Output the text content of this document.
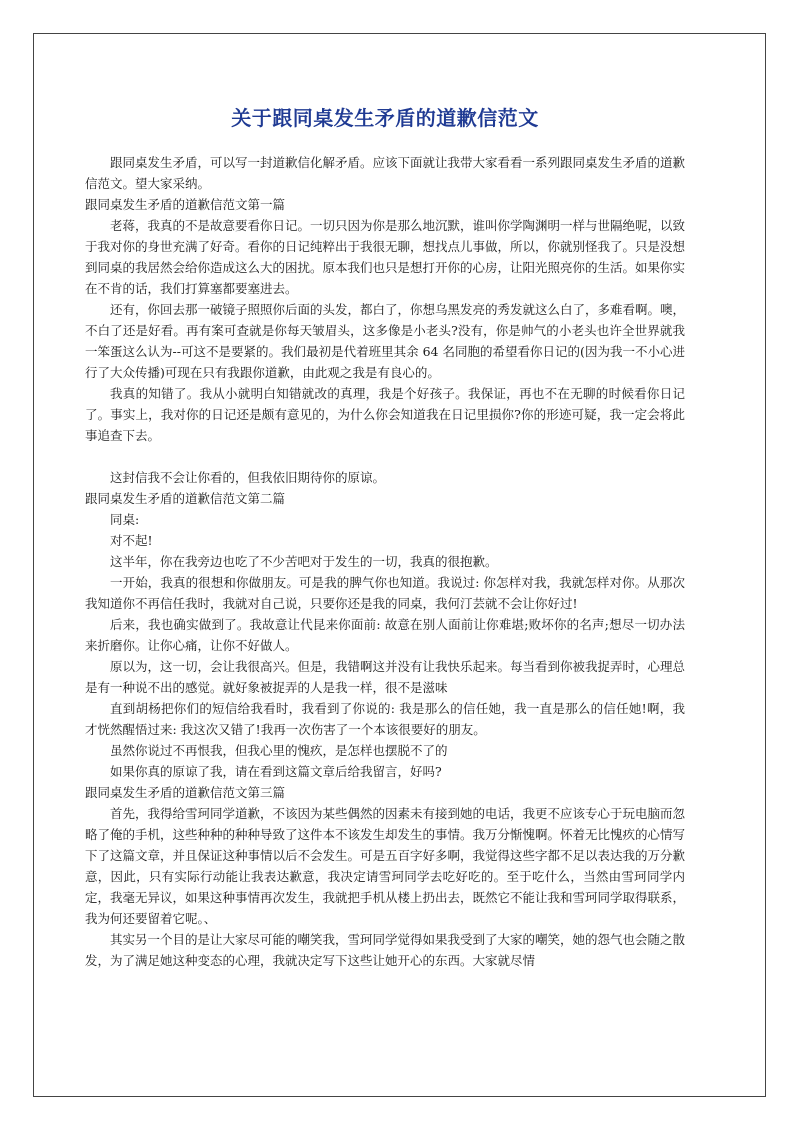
关于跟同桌发生矛盾的道歉信范文

跟同桌发生矛盾，可以写一封道歉信化解矛盾。应该下面就让我带大家看看一系列跟同桌发生矛盾的道歉信范文。望大家采纳。

跟同桌发生矛盾的道歉信范文第一篇

老蒋，我真的不是故意要看你日记。一切只因为你是那么地沉默，谁叫你学陶渊明一样与世隔绝呢，以致于我对你的身世充满了好奇。看你的日记纯粹出于我很无聊，想找点儿事做，所以，你就别怪我了。只是没想到同桌的我居然会给你造成这么大的困扰。原本我们也只是想打开你的心房，让阳光照亮你的生活。如果你实在不肯的话，我们打算塞都要塞进去。

还有，你回去那一破镜子照照你后面的头发，都白了，你想乌黑发亮的秀发就这么白了，多难看啊。噢，不白了还是好看。再有案可查就是你每天皱眉头，这多像是小老头?没有，你是帅气的小老头也许全世界就我一笨蛋这么认为--可这不是要紧的。我们最初是代着班里其余 64 名同胞的希望看你日记的(因为我一不小心进行了大众传播)可现在只有我跟你道歉，由此观之我是有良心的。

我真的知错了。我从小就明白知错就改的真理，我是个好孩子。我保证，再也不在无聊的时候看你日记了。事实上，我对你的日记还是颇有意见的，为什么你会知道我在日记里损你?你的形迹可疑，我一定会将此事追查下去。

这封信我不会让你看的，但我依旧期待你的原谅。

跟同桌发生矛盾的道歉信范文第二篇

同桌:

对不起!

这半年，你在我旁边也吃了不少苦吧对于发生的一切，我真的很抱歉。

一开始，我真的很想和你做朋友。可是我的脾气你也知道。我说过: 你怎样对我，我就怎样对你。从那次我知道你不再信任我时，我就对自己说，只要你还是我的同桌，我何汀芸就不会让你好过!

后来，我也确实做到了。我故意让代昆来你面前: 故意在别人面前让你难堪;败坏你的名声;想尽一切办法来折磨你。让你心痛，让你不好做人。

原以为，这一切，会让我很高兴。但是，我错啊这并没有让我快乐起来。每当看到你被我捉弄时，心理总是有一种说不出的感觉。就好象被捉弄的人是我一样，很不是滋味

直到胡杨把你们的短信给我看时，我看到了你说的: 我是那么的信任她，我一直是那么的信任她!啊，我才恍然醒悟过来: 我这次又错了!我再一次伤害了一个本该很要好的朋友。

虽然你说过不再恨我，但我心里的愧疚，是怎样也摆脱不了的

如果你真的原谅了我，请在看到这篇文章后给我留言，好吗?

跟同桌发生矛盾的道歉信范文第三篇

首先，我得给雪珂同学道歉，不该因为某些偶然的因素未有接到她的电话，我更不应该专心于玩电脑而忽略了俺的手机，这些种种的种种导致了这件本不该发生却发生的事情。我万分惭愧啊。怀着无比愧疚的心情写下了这篇文章，并且保证这种事情以后不会发生。可是五百字好多啊，我觉得这些字都不足以表达我的万分歉意，因此，只有实际行动能让我表达歉意，我决定请雪珂同学去吃好吃的。至于吃什么，当然由雪珂同学内定，我毫无异议，如果这种事情再次发生，我就把手机从楼上扔出去，既然它不能让我和雪珂同学取得联系，我为何还要留着它呢。、

其实另一个目的是让大家尽可能的嘲笑我，雪珂同学觉得如果我受到了大家的嘲笑，她的怨气也会随之散发，为了满足她这种变态的心理，我就决定写下这些让她开心的东西。大家就尽情
